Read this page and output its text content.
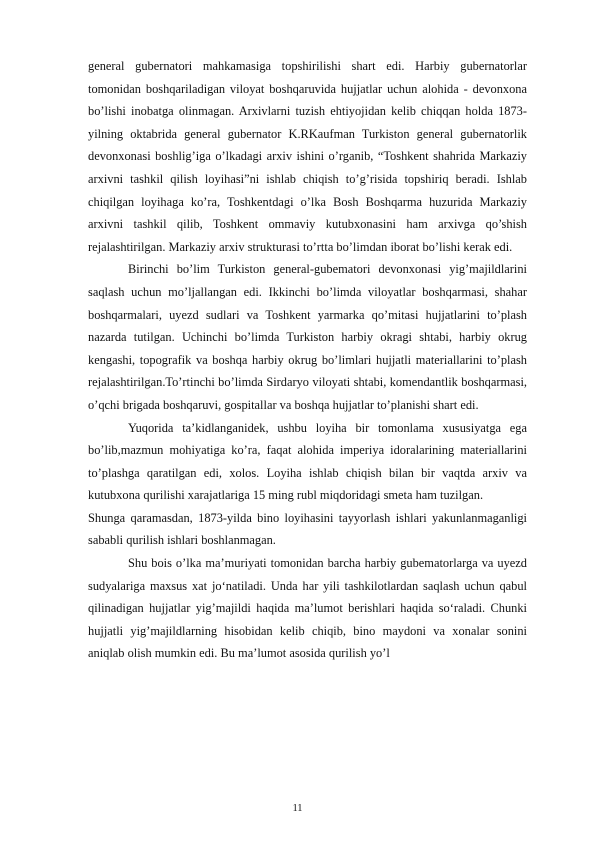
general gubernatori mahkamasiga topshirilishi shart edi. Harbiy gubernatorlar tomonidan boshqariladigan viloyat boshqaruvida hujjatlar uchun alohida - devonxona bo’lishi inobatga olinmagan. Arxivlarni tuzish ehtiyojidan kelib chiqqan holda 1873-yilning oktabrida general gubernator K.RKaufman Turkiston general gubernatorlik devonxonasi boshlig’iga o’lkadagi arxiv ishini o’rganib, “Toshkent shahrida Markaziy arxivni tashkil qilish loyihasi”ni ishlab chiqish to’g’risida topshiriq beradi. Ishlab chiqilgan loyihaga ko’ra, Toshkentdagi o’lka Bosh Boshqarma huzurida Markaziy arxivni tashkil qilib, Toshkent ommaviy kutubxonasini ham arxivga qo’shish rejalashtirilgan. Markaziy arxiv strukturasi to’rtta bo’limdan iborat bo’lishi kerak edi.

Birinchi bo’lim Turkiston general-gubematori devonxonasi yig’majildlarini saqlash uchun mo’ljallangan edi. Ikkinchi bo’limda viloyatlar boshqarmasi, shahar boshqarmalari, uyezd sudlari va Toshkent yarmarka qo’mitasi hujjatlarini to’plash nazarda tutilgan. Uchinchi bo’limda Turkiston harbiy okragi shtabi, harbiy okrug kengashi, topografik va boshqa harbiy okrug bo’limlari hujjatli materiallarini to’plash rejalashtirilgan.To’rtinchi bo’limda Sirdaryo viloyati shtabi, komendantlik boshqarmasi, o’qchi brigada boshqaruvi, gospitallar va boshqa hujjatlar to’planishi shart edi.

Yuqorida ta’kidlanganidek, ushbu loyiha bir tomonlama xususiyatga ega bo’lib,mazmun mohiyatiga ko’ra, faqat alohida imperiya idoralarining materiallarini to’plashga qaratilgan edi, xolos. Loyiha ishlab chiqish bilan bir vaqtda arxiv va kutubxona qurilishi xarajatlariga 15 ming rubl miqdoridagi smeta ham tuzilgan.

Shunga qaramasdan, 1873-yilda bino loyihasini tayyorlash ishlari yakunlanmaganligi sababli qurilish ishlari boshlanmagan.

Shu bois o’lka ma’muriyati tomonidan barcha harbiy gubematorlarga va uyezd sudyalariga maxsus xat jo‘natiladi. Unda har yili tashkilotlardan saqlash uchun qabul qilinadigan hujjatlar yig’majildi haqida ma’lumot berishlari haqida so‘raladi. Chunki hujjatli yig’majildlarning hisobidan kelib chiqib, bino maydoni va xonalar sonini aniqlab olish mumkin edi. Bu ma’lumot asosida qurilish yo’l

11
